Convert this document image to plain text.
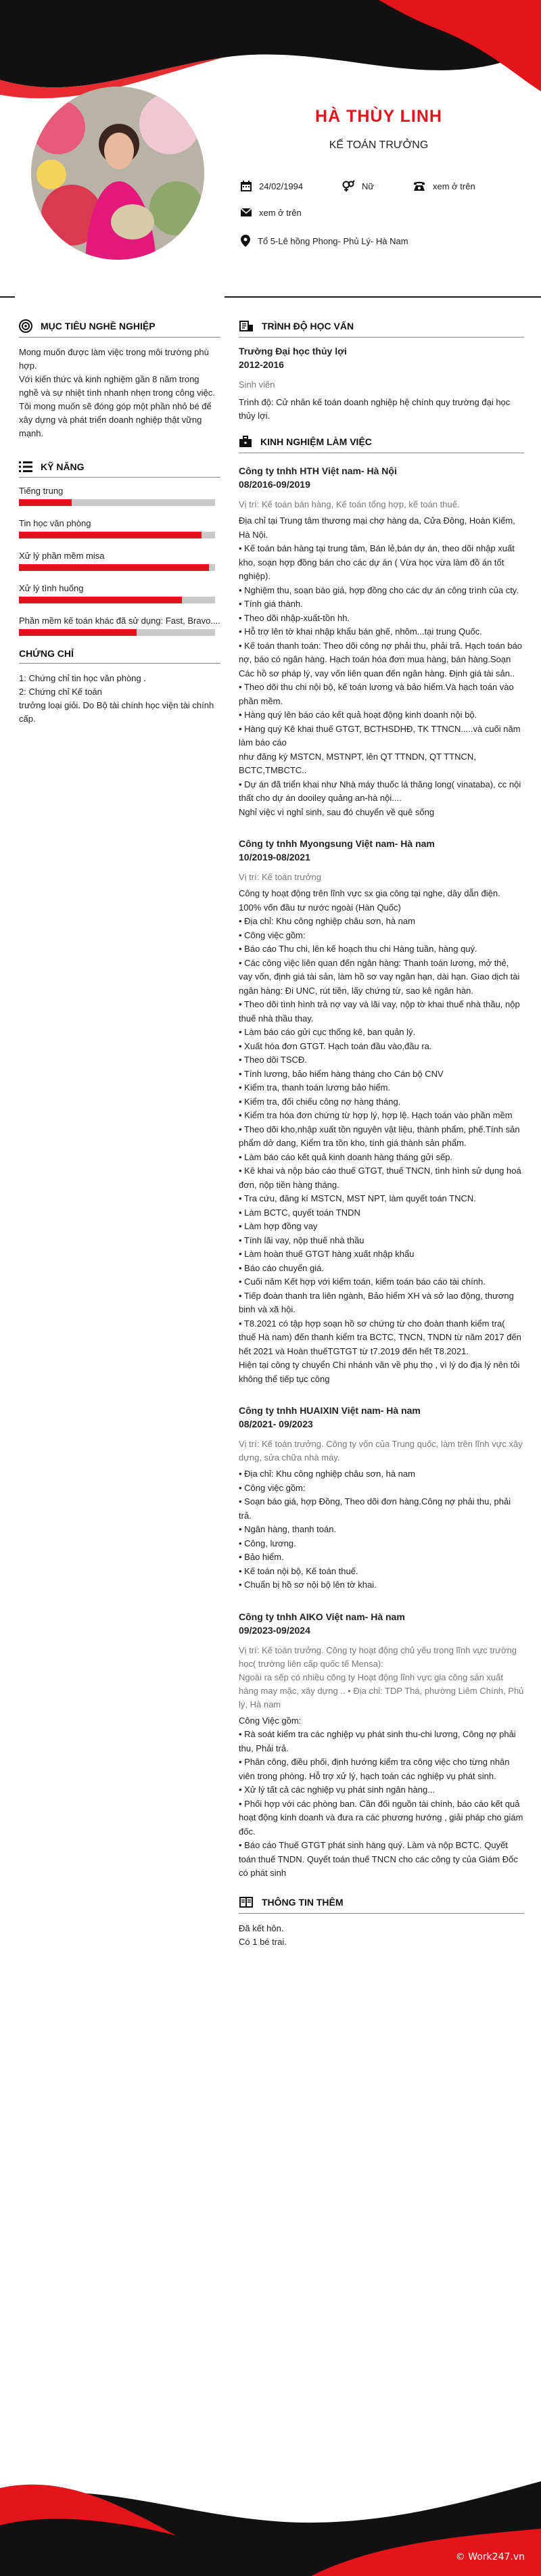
HÀ THÙY LINH
KẾ TOÁN TRƯỞNG
24/02/1994	Nữ	xem ở trên
xem ở trên
Tổ 5-Lê hồng Phong- Phủ Lý- Hà Nam
MỤC TIÊU NGHỀ NGHIỆP
Mong muốn được làm việc trong môi trường phù hợp.
Với kiến thức và kinh nghiệm gần 8 năm trong nghề và sự nhiệt tình nhanh nhẹn trong công việc. Tôi mong muốn sẽ đóng góp một phần nhỏ bé để xây dựng và phát triển doanh nghiệp thật vững mạnh.
KỸ NĂNG
Tiếng trung
Tin học văn phòng
Xử lý phần mềm misa
Xử lý tình huống
Phần mềm kế toán khác đã sử dụng: Fast, Bravo....
CHỨNG CHỈ
1: Chứng chỉ tin học văn phòng .
2: Chứng chỉ Kế toán
trưởng loại giỏi. Do Bộ tài chính học viện tài chính cấp.
TRÌNH ĐỘ HỌC VẤN
Trường Đại học thủy lợi
2012-2016
Sinh viên
Trình độ: Cử nhân kế toán doanh nghiệp hệ chính quy trường đại học thủy lợi.
KINH NGHIỆM LÀM VIỆC
Công ty tnhh HTH Việt nam- Hà Nội
08/2016-09/2019
Vị trí: Kế toán bán hàng, Kế toán tổng hợp, kế toán thuế.
Địa chỉ tại Trung tâm thương mại chợ hàng da, Cửa Đông, Hoàn Kiếm, Hà Nội.
• Kế toán bán hàng tại trung tâm, Bán lẻ,bán dự án, theo dõi nhập xuất kho, soạn hợp đồng bán cho các dự án ( Vừa học vừa làm đồ án tốt nghiệp).
• Nghiệm thu, soạn báo giá, hợp đồng cho các dự án công trình của cty.
• Tính giá thành.
• Theo dõi nhập-xuất-tồn hh.
• Hỗ trợ lên tờ khai nhập khẩu bán ghế, nhôm...tại trung Quốc.
• Kế toán thanh toán: Theo dõi công nợ phải thu, phải trả. Hạch toán báo nợ, báo có ngân hàng. Hạch toán hóa đơn mua hàng, bán hàng.Soạn Các hồ sơ pháp lý, vay vốn liên quan đến ngân hàng. Định giá tài sản..
• Theo dõi thu chi nội bộ, kế toán lương và bảo hiểm.Và hạch toán vào phần mềm.
• Hàng quý lên báo cáo kết quả hoạt động kinh doanh nội bộ.
• Hàng quý Kê khai thuế GTGT, BCTHSDHĐ, TK TTNCN.....và cuối năm làm báo cáo
như đăng ký MSTCN, MSTNPT, lên QT TTNDN, QT TTNCN, BCTC,TMBCTC..
• Dự án đã triển khai như Nhà máy thuốc lá thăng long( vinataba), cc nội thất cho dự án dooiley quảng an-hà nội....
Nghỉ việc vì nghỉ sinh, sau đó chuyển về quê sống
Công ty tnhh Myongsung Việt nam- Hà nam
10/2019-08/2021
Vị trí: Kế toán trưởng
Công ty hoạt động trên lĩnh vực sx gia công tại nghe, dây dẫn điện. 100% vốn đầu tư nước ngoài (Hàn Quốc)
• Địa chỉ: Khu công nghiệp châu sơn, hà nam
• Công việc gồm:
• Báo cáo Thu chi, lên kế hoạch thu chi Hàng tuần, hàng quý.
• Các công việc liên quan đến ngân hàng: Thanh toán lương, mở thẻ, vay vốn, định giá tài sản, làm hồ sơ vay ngân hạn, dài hạn. Giao dịch tài ngân hàng: Đi UNC, rút tiền, lấy chứng từ, sao kê ngân hàn.
• Theo dõi tình hình trả nợ vay và lãi vay, nộp tờ khai thuế nhà thầu, nộp thuế nhà thầu thay.
• Làm báo cáo gửi cục thống kê, ban quản lý.
• Xuất hóa đơn GTGT. Hạch toán đầu vào,đầu ra.
• Theo dõi TSCĐ.
• Tính lương, bảo hiểm hàng tháng cho Cán bộ CNV
• Kiểm tra, thanh toán lương bảo hiểm.
• Kiểm tra, đối chiếu công nợ hàng tháng.
• Kiểm tra hóa đơn chứng từ hợp lý, hợp lệ. Hạch toán vào phần mềm
• Theo dõi kho,nhập xuất tồn nguyên vật liệu, thành phẩm, phế.Tính sản phẩm dở dang, Kiểm tra tồn kho, tính giá thành sản phẩm.
• Làm báo cáo kết quả kinh doanh hàng tháng gửi sếp.
• Kê khai và nộp báo cáo thuế GTGT, thuế TNCN, tình hình sử dụng hoá đơn, nộp tiền hàng tháng.
• Tra cứu, đăng kí MSTCN, MST NPT, làm quyết toán TNCN.
• Làm BCTC, quyết toán TNDN
• Làm hợp đồng vay
• Tính lãi vay, nộp thuế nhà thầu
• Làm hoàn thuế GTGT hàng xuất nhập khẩu
• Báo cáo chuyển giá.
• Cuối năm Kết hợp với kiểm toán, kiểm toán báo cáo tài chính.
• Tiếp đoàn thanh tra liên ngành, Bảo hiểm XH và sở lao động, thương binh và xã hội.
• T8.2021 có tập hợp soạn hồ sơ chứng từ cho đoàn thanh kiểm tra( thuế Hà nam) đến thanh kiểm tra BCTC, TNCN, TNDN từ năm 2017 đến hết 2021 và Hoàn thuếTGTGT từ t7.2019 đến hết T8.2021.
Hiện tại công ty chuyển Chi nhánh văn về phụ thọ , vì lý do địa lý nên tôi không thể tiếp tục công
Công ty tnhh HUAIXIN Việt nam- Hà nam
08/2021- 09/2023
Vị trí: Kế toán trưởng. Công ty vốn của Trung quốc, làm trên lĩnh vực xây dựng, sửa chữa nhà máy.
• Địa chỉ: Khu công nghiệp châu sơn, hà nam
• Công việc gồm:
• Soạn báo giá, hợp Đồng, Theo dõi đơn hàng.Công nợ phải thu, phải trả.
• Ngân hàng, thanh toán.
• Công, lương.
• Bảo hiểm.
• Kế toán nội bộ, Kế toán thuế.
• Chuẩn bị hồ sơ nội bộ lên tờ khai.
Công ty tnhh AIKO Việt nam- Hà nam
09/2023-09/2024
Vị trí: Kế toán trưởng. Công ty hoạt động chủ yếu trong lĩnh vực trường học( trường liên cấp quốc tế Mensa):
Ngoài ra sếp có nhiều công ty Hoạt động lĩnh vực gia công sản xuất hàng may mặc, xây dựng .. • Địa chỉ: TDP Thá, phường Liêm Chính, Phủ lý, Hà nam
Công Việc gồm:
• Rà soát kiểm tra các nghiệp vụ phát sinh thu-chi lương, Công nợ phải thu, Phải trả.
• Phân công, điều phối, định hướng kiểm tra công việc cho từng nhân viên trong phòng. Hỗ trợ xử lý, hạch toán các nghiệp vụ phát sinh.
• Xử lý tất cả các nghiệp vụ phát sinh ngân hàng...
• Phối hợp với các phòng ban. Cần đối nguồn tài chính, báo cáo kết quả hoạt động kinh doanh và đưa ra các phương hướng , giải pháp cho giám đốc.
• Báo cáo Thuế GTGT phát sinh hàng quý. Làm và nộp BCTC. Quyết toán thuế TNDN. Quyết toán thuế TNCN cho các công ty của Giám Đốc có phát sinh
THÔNG TIN THÊM
Đã kết hôn.
Có 1 bé trai.
© Work247.vn
